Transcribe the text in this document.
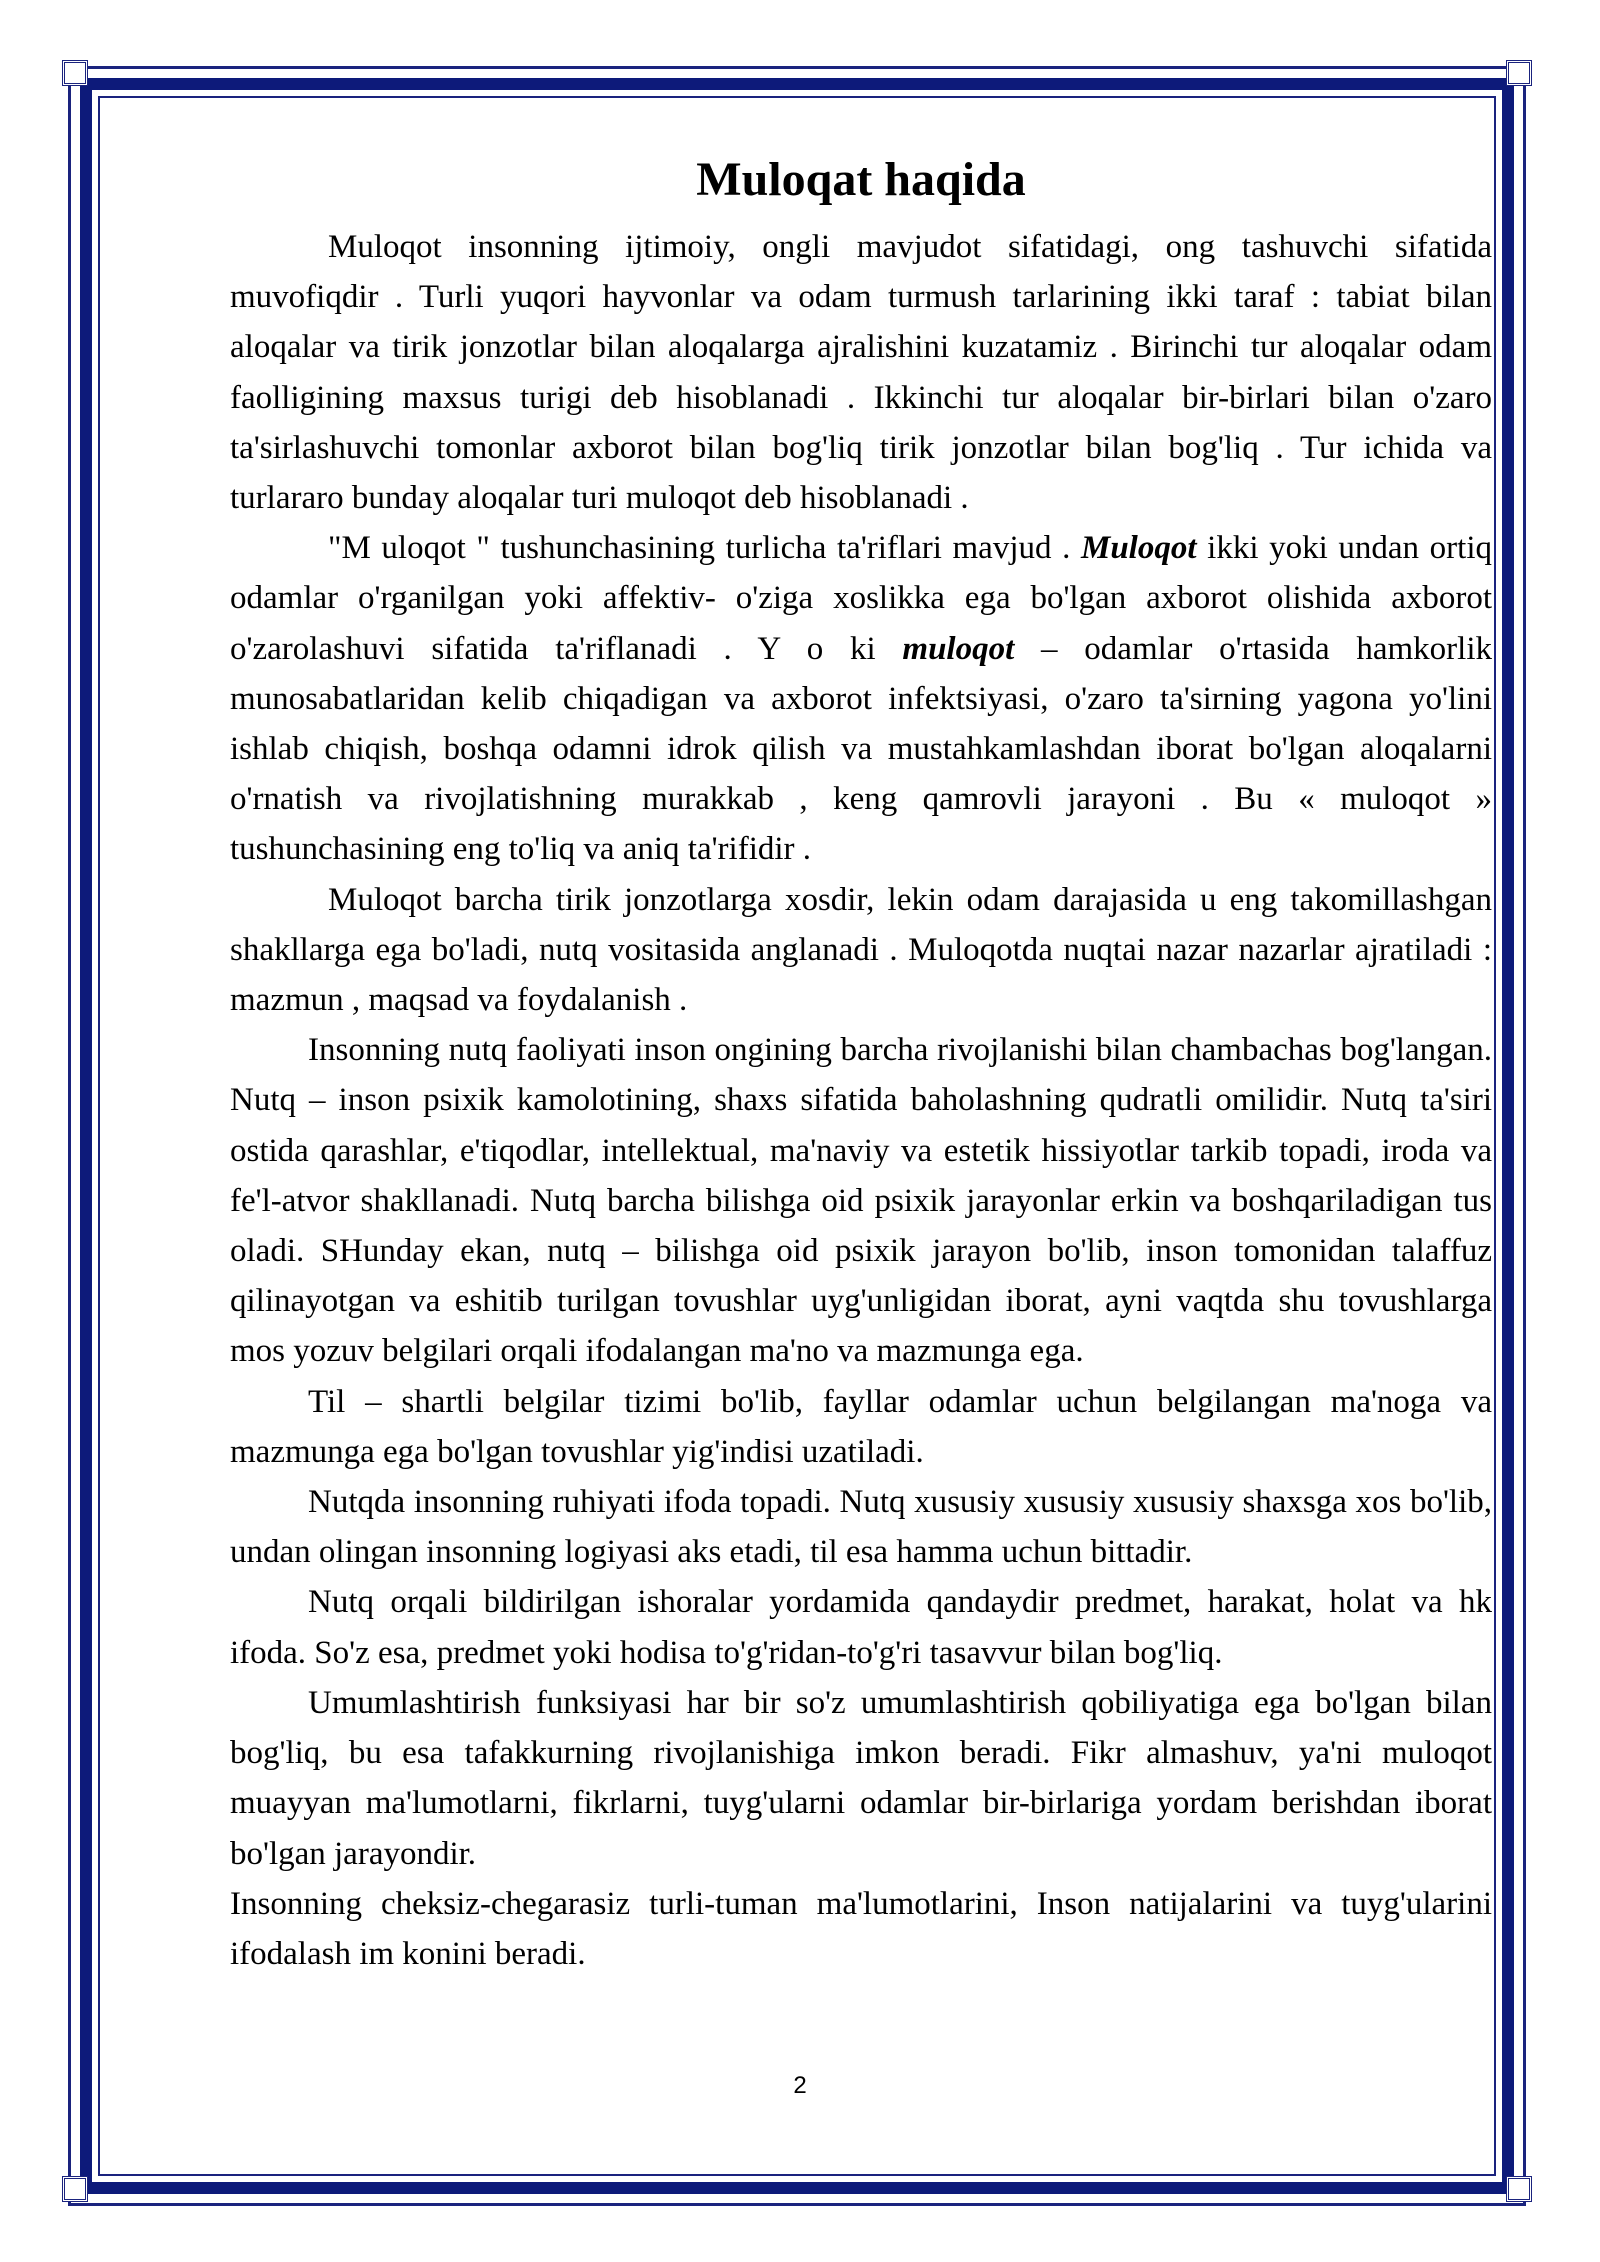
Muloqat haqida

Muloqot insonning ijtimoiy, ongli mavjudot sifatidagi, ong tashuvchi sifatida muvofiqdir . Turli yuqori hayvonlar va odam turmush tarlarining ikki taraf : tabiat bilan aloqalar va tirik jonzotlar bilan aloqalarga ajralishini kuzatamiz . Birinchi tur aloqalar odam faolligining maxsus turigi deb hisoblanadi . Ikkinchi tur aloqalar bir-birlari bilan o'zaro ta'sirlashuvchi tomonlar axborot bilan bog'liq tirik jonzotlar bilan bog'liq . Tur ichida va turlararo bunday aloqalar turi muloqot deb hisoblanadi .

"M uloqot " tushunchasining turlicha ta'riflari mavjud . Muloqot ikki yoki undan ortiq odamlar o'rganilgan yoki affektiv- o'ziga xoslikka ega bo'lgan axborot olishida axborot o'zarolashuvi sifatida ta'riflanadi . Y o ki muloqot – odamlar o'rtasida hamkorlik munosabatlaridan kelib chiqadigan va axborot infektsiyasi, o'zaro ta'sirning yagona yo'lini ishlab chiqish, boshqa odamni idrok qilish va mustahkamlashdan iborat bo'lgan aloqalarni o'rnatish va rivojlatishning murakkab , keng qamrovli jarayoni . Bu « muloqot » tushunchasining eng to'liq va aniq ta'rifidir .

Muloqot barcha tirik jonzotlarga xosdir, lekin odam darajasida u eng takomillashgan shakllarga ega bo'ladi, nutq vositasida anglanadi . Muloqotda nuqtai nazar nazarlar ajratiladi : mazmun , maqsad va foydalanish .

Insonning nutq faoliyati inson ongining barcha rivojlanishi bilan chambachas bog'langan. Nutq – inson psixik kamolotining, shaxs sifatida baholashning qudratli omilidir. Nutq ta'siri ostida qarashlar, e'tiqodlar, intellektual, ma'naviy va estetik hissiyotlar tarkib topadi, iroda va fe'l-atvor shakllanadi. Nutq barcha bilishga oid psixik jarayonlar erkin va boshqariladigan tus oladi. SHunday ekan, nutq – bilishga oid psixik jarayon bo'lib, inson tomonidan talaffuz qilinayotgan va eshitib turilgan tovushlar uyg'unligidan iborat, ayni vaqtda shu tovushlarga mos yozuv belgilari orqali ifodalangan ma'no va mazmunga ega.

Til – shartli belgilar tizimi bo'lib, fayllar odamlar uchun belgilangan ma'noga va mazmunga ega bo'lgan tovushlar yig'indisi uzatiladi.

Nutqda insonning ruhiyati ifoda topadi. Nutq xususiy xususiy xususiy shaxsga xos bo'lib, undan olingan insonning logiyasi aks etadi, til esa hamma uchun bittadir.

Nutq orqali bildirilgan ishoralar yordamida qandaydir predmet, harakat, holat va hk ifoda. So'z esa, predmet yoki hodisa to'g'ridan-to'g'ri tasavvur bilan bog'liq.

Umumlashtirish funksiyasi har bir so'z umumlashtirish qobiliyatiga ega bo'lgan bilan bog'liq, bu esa tafakkurning rivojlanishiga imkon beradi. Fikr almashuv, ya'ni muloqot muayyan ma'lumotlarni, fikrlarni, tuyg'ularni odamlar bir-birlariga yordam berishdan iborat bo'lgan jarayondir.

Insonning cheksiz-chegarasiz turli-tuman ma'lumotlarini, Inson natijalarini va tuyg'ularini ifodalash im konini beradi.

2
